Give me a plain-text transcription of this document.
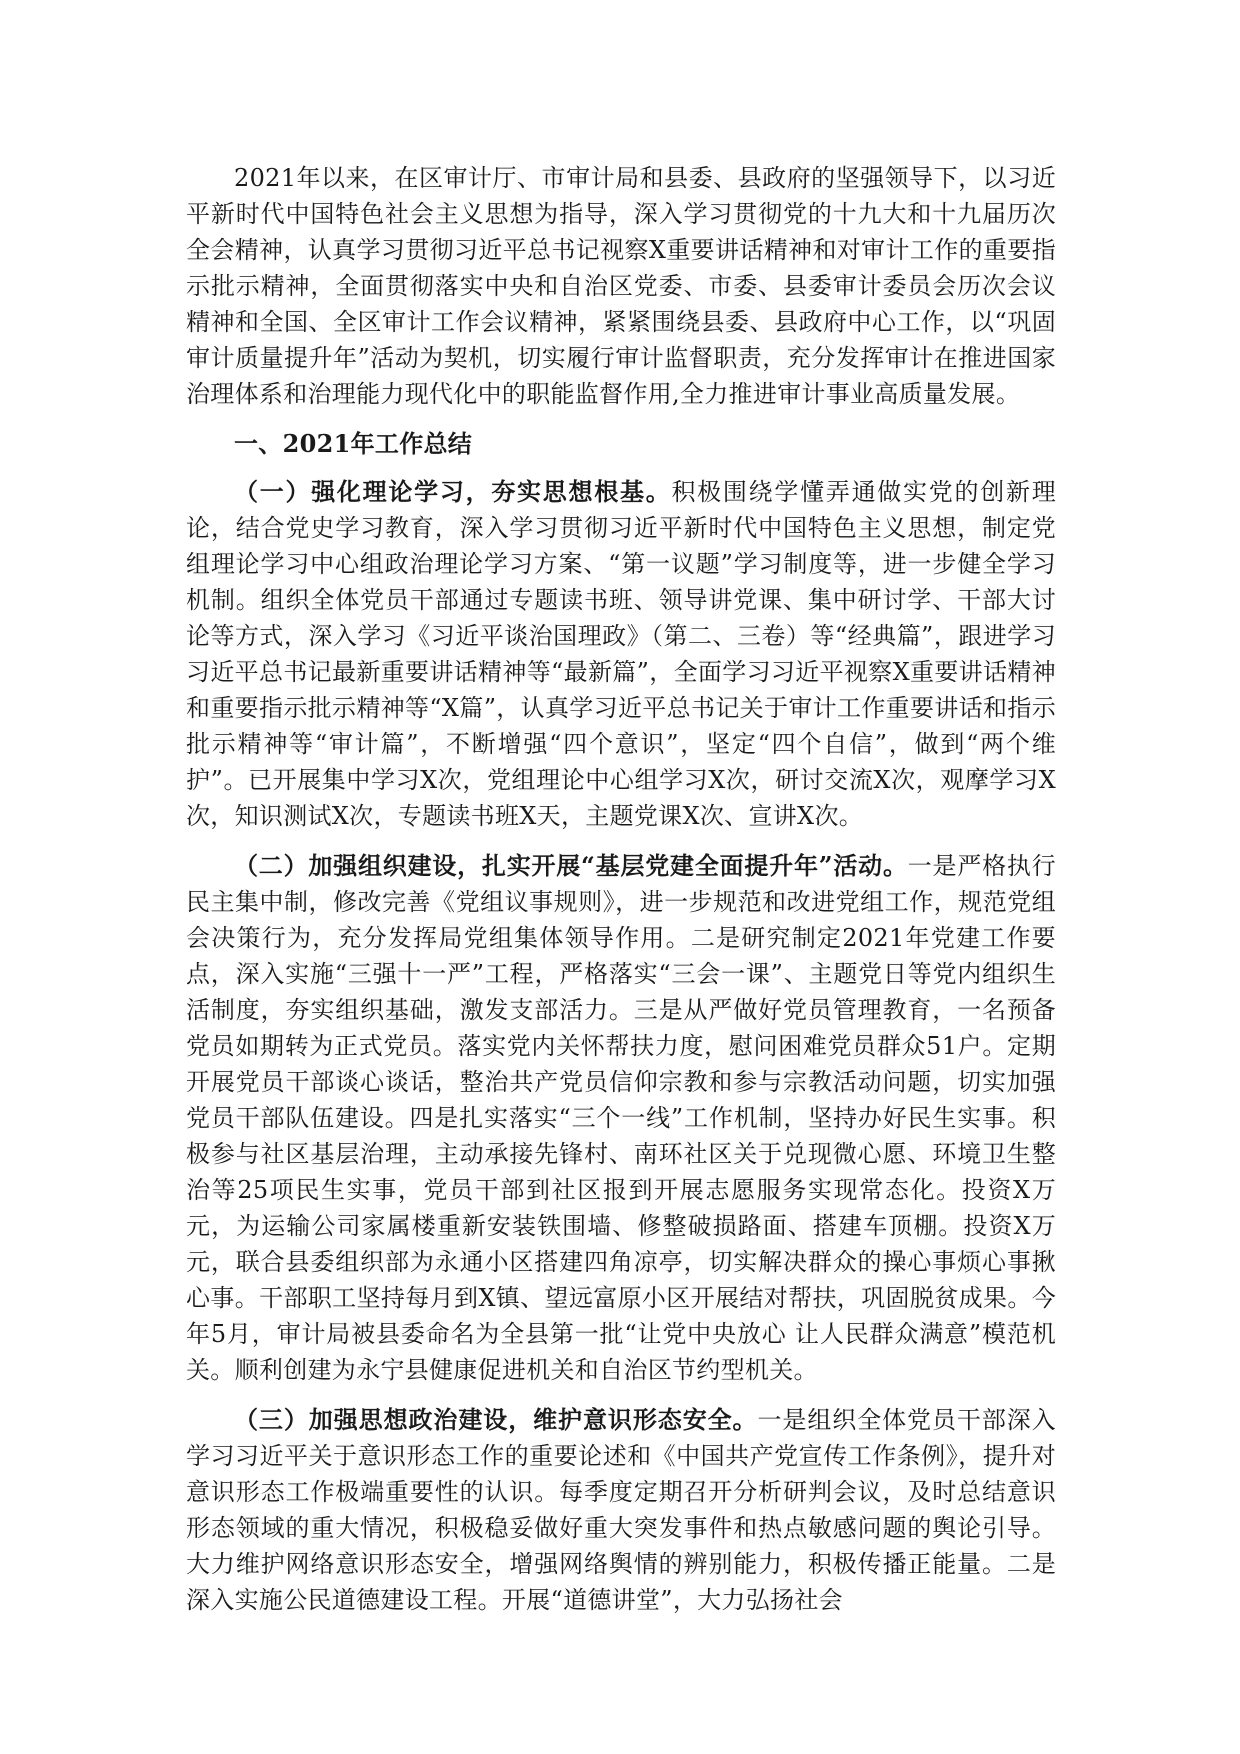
2021年以来，在区审计厅、市审计局和县委、县政府的坚强领导下，以习近平新时代中国特色社会主义思想为指导，深入学习贯彻党的十九大和十九届历次全会精神，认真学习贯彻习近平总书记视察X重要讲话精神和对审计工作的重要指示批示精神，全面贯彻落实中央和自治区党委、市委、县委审计委员会历次会议精神和全国、全区审计工作会议精神，紧紧围绕县委、县政府中心工作，以“巩固审计质量提升年”活动为契机，切实履行审计监督职责，充分发挥审计在推进国家治理体系和治理能力现代化中的职能监督作用,全力推进审计事业高质量发展。

一、2021年工作总结

（一）强化理论学习，夯实思想根基。积极围绕学懂弄通做实党的创新理论，结合党史学习教育，深入学习贯彻习近平新时代中国特色主义思想，制定党组理论学习中心组政治理论学习方案、“第一议题”学习制度等，进一步健全学习机制。组织全体党员干部通过专题读书班、领导讲党课、集中研讨学、干部大讨论等方式，深入学习《习近平谈治国理政》（第二、三卷）等“经典篇”，跟进学习习近平总书记最新重要讲话精神等“最新篇”，全面学习习近平视察X重要讲话精神和重要指示批示精神等“X篇”，认真学习近平总书记关于审计工作重要讲话和指示批示精神等“审计篇”，不断增强“四个意识”，坚定“四个自信”，做到“两个维护”。已开展集中学习X次，党组理论中心组学习X次，研讨交流X次，观摩学习X次，知识测试X次，专题读书班X天，主题党课X次、宣讲X次。

（二）加强组织建设，扎实开展“基层党建全面提升年”活动。一是严格执行民主集中制，修改完善《党组议事规则》，进一步规范和改进党组工作，规范党组会决策行为，充分发挥局党组集体领导作用。二是研究制定2021年党建工作要点，深入实施“三强十一严”工程，严格落实“三会一课”、主题党日等党内组织生活制度，夯实组织基础，激发支部活力。三是从严做好党员管理教育，一名预备党员如期转为正式党员。落实党内关怀帮扶力度，慰问困难党员群众51户。定期开展党员干部谈心谈话，整治共产党员信仰宗教和参与宗教活动问题，切实加强党员干部队伍建设。四是扎实落实“三个一线”工作机制，坚持办好民生实事。积极参与社区基层治理，主动承接先锋村、南环社区关于兑现微心愿、环境卫生整治等25项民生实事，党员干部到社区报到开展志愿服务实现常态化。投资X万元，为运输公司家属楼重新安装铁围墙、修整破损路面、搭建车顶棚。投资X万元，联合县委组织部为永通小区搭建四角凉亭，切实解决群众的操心事烦心事揪心事。干部职工坚持每月到X镇、望远富原小区开展结对帮扶，巩固脱贫成果。今年5月，审计局被县委命名为全县第一批“让党中央放心 让人民群众满意”模范机关。顺利创建为永宁县健康促进机关和自治区节约型机关。

（三）加强思想政治建设，维护意识形态安全。一是组织全体党员干部深入学习习近平关于意识形态工作的重要论述和《中国共产党宣传工作条例》，提升对意识形态工作极端重要性的认识。每季度定期召开分析研判会议，及时总结意识形态领域的重大情况，积极稳妥做好重大突发事件和热点敏感问题的舆论引导。大力维护网络意识形态安全，增强网络舆情的辨别能力，积极传播正能量。二是深入实施公民道德建设工程。开展“道德讲堂”，大力弘扬社会
